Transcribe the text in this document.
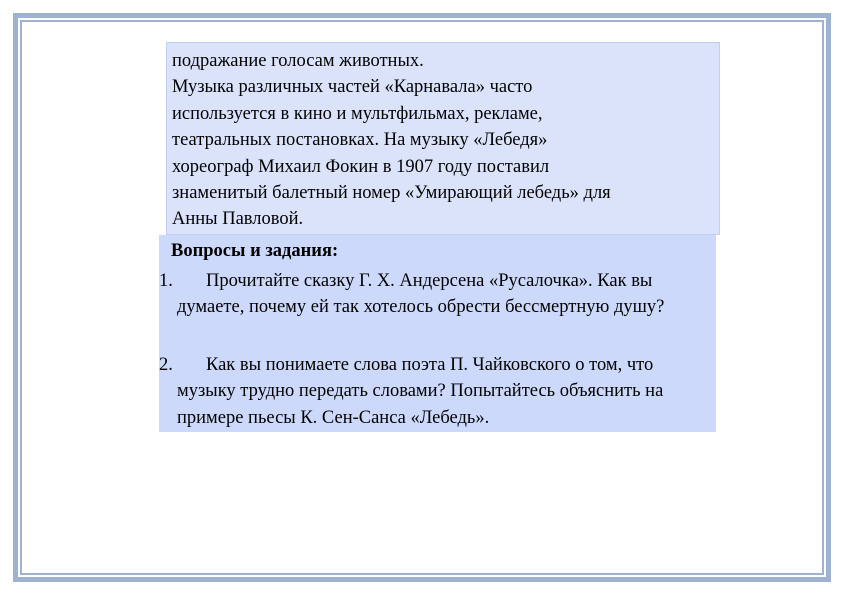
подражание голосам животных.
Музыка различных частей «Карнавала» часто
используется в кино и мультфильмах, рекламе,
театральных постановках. На музыку «Лебедя»
хореограф Михаил Фокин в 1907 году поставил
знаменитый балетный номер «Умирающий лебедь» для
Анны Павловой.

Вопросы и задания:
1.	Прочитайте сказку Г. Х. Андерсена «Русалочка». Как вы думаете, почему ей так хотелось обрести бессмертную душу?
2.	Как вы понимаете слова поэта П. Чайковского о том, что музыку трудно передать словами? Попытайтесь объяснить на примере пьесы К. Сен-Санса «Лебедь».
